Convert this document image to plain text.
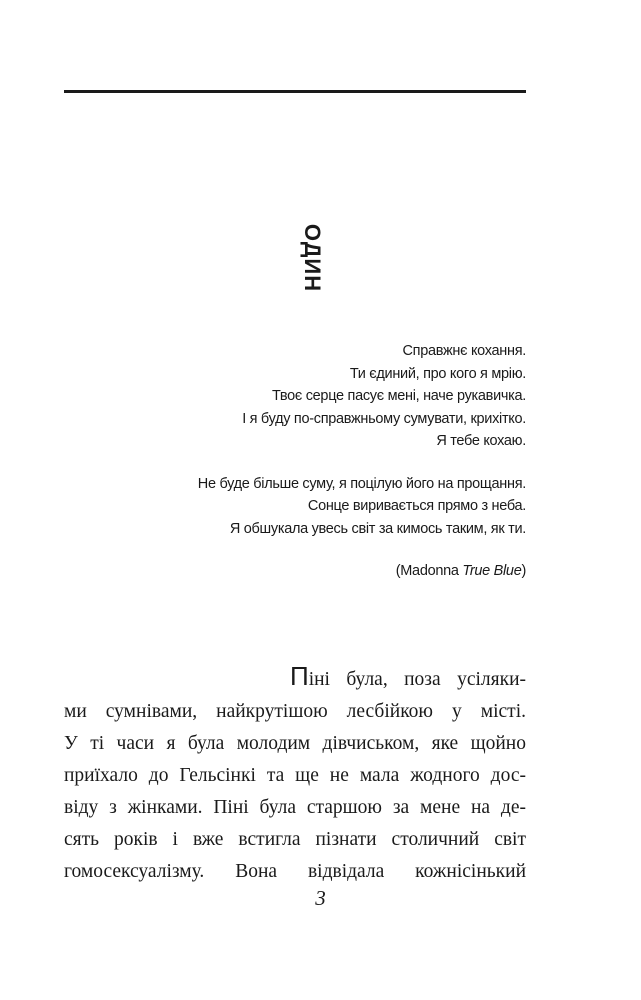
ОДИН

Справжнє кохання.
Ти єдиний, про кого я мрію.
Твоє серце пасує мені, наче рукавичка.
І я буду по-справжньому сумувати, крихітко.
Я тебе кохаю.

Не буде більше суму, я поцілую його на прощання.
Сонце виривається прямо з неба.
Я обшукала увесь світ за кимось таким, як ти.

(Madonna True Blue)

Піні була, поза усіляки-
ми сумнівами, найкрутішою лесбійкою у місті.
У ті часи я була молодим дівчиськом, яке щойно
приїхало до Гельсінкі та ще не мала жодного дос-
віду з жінками. Піні була старшою за мене на де-
сять років і вже встигла пізнати столичний світ
гомосексуалізму. Вона відвідала кожнісінький
3
